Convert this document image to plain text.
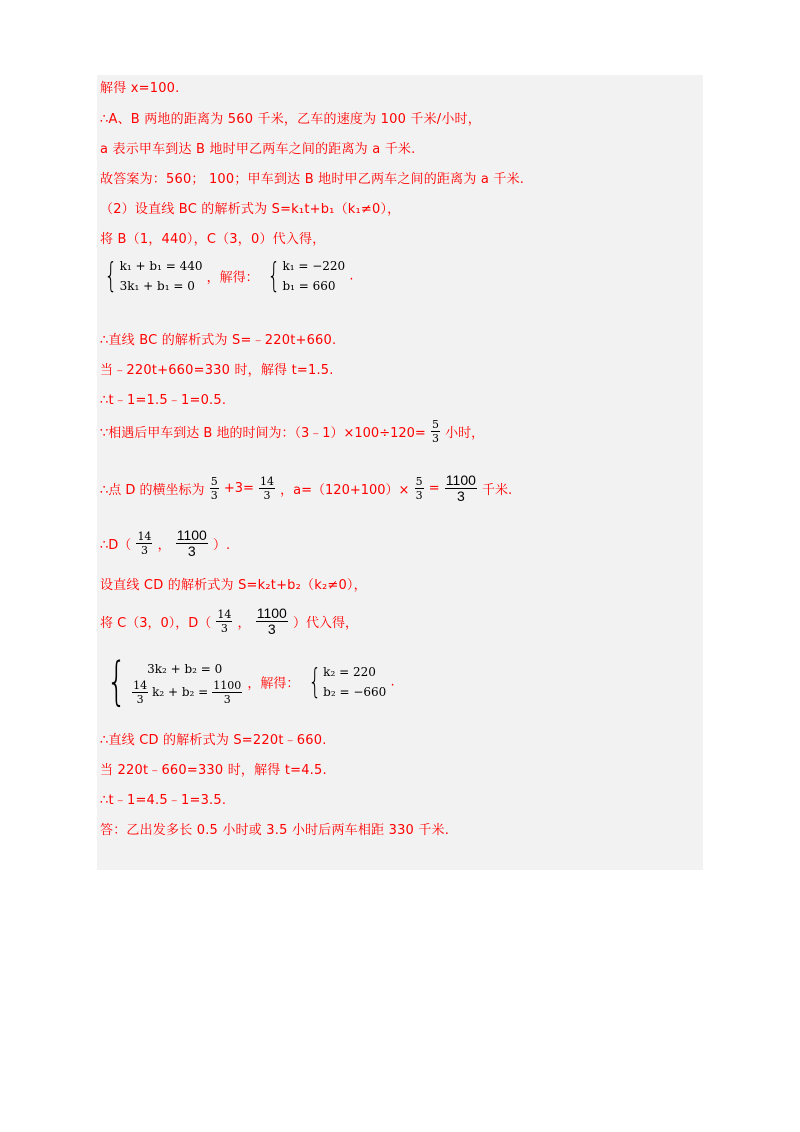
解得 x=100.
∴A、B 两地的距离为 560 千米，乙车的速度为 100 千米/小时，
a 表示甲车到达 B 地时甲乙两车之间的距离为 a 千米.
故答案为：560； 100；甲车到达 B 地时甲乙两车之间的距离为 a 千米.
（2）设直线 BC 的解析式为 S=k₁t+b₁（k₁≠0），
将 B（1，440），C（3，0）代入得，
{ k₁ + b₁ = 440
3k₁ + b₁ = 0
，解得： { k₁ = −220
b₁ = 660
.
∴直线 BC 的解析式为 S=﹣220t+660.
当﹣220t+660=330 时，解得 t=1.5.
∴t﹣1=1.5﹣1=0.5.
∵相遇后甲车到达 B 地的时间为：（3﹣1）×100÷120= $\frac{5}{3}$ 小时，
∴点 D 的横坐标为 $\frac{5}{3} +3= \frac{14}{3}$ ，$a=(120+100)\times \frac{5}{3} = \frac{1100}{3}$ 千米.
∴D（ $\frac{14}{3}$ ， $\frac{1100}{3}$ ）.
设直线 CD 的解析式为 S=k₂t+b₂（k₂≠0），
将 C（3，0），$D( \frac{14}{3}$ ， $\frac{1100}{3}$ ）代入得，
{	3k₂ + b₂ = 0
$\frac{14}{3} k_2 + b_2 = \frac{1100}{3}$ ，解得： { k₂ = 220
b₂ = −660
.
∴直线 CD 的解析式为 S=220t﹣660.
当 220t﹣660=330 时，解得 t=4.5.
∴t﹣1=4.5﹣1=3.5.
答：乙出发多长 0.5 小时或 3.5 小时后两车相距 330 千米.
